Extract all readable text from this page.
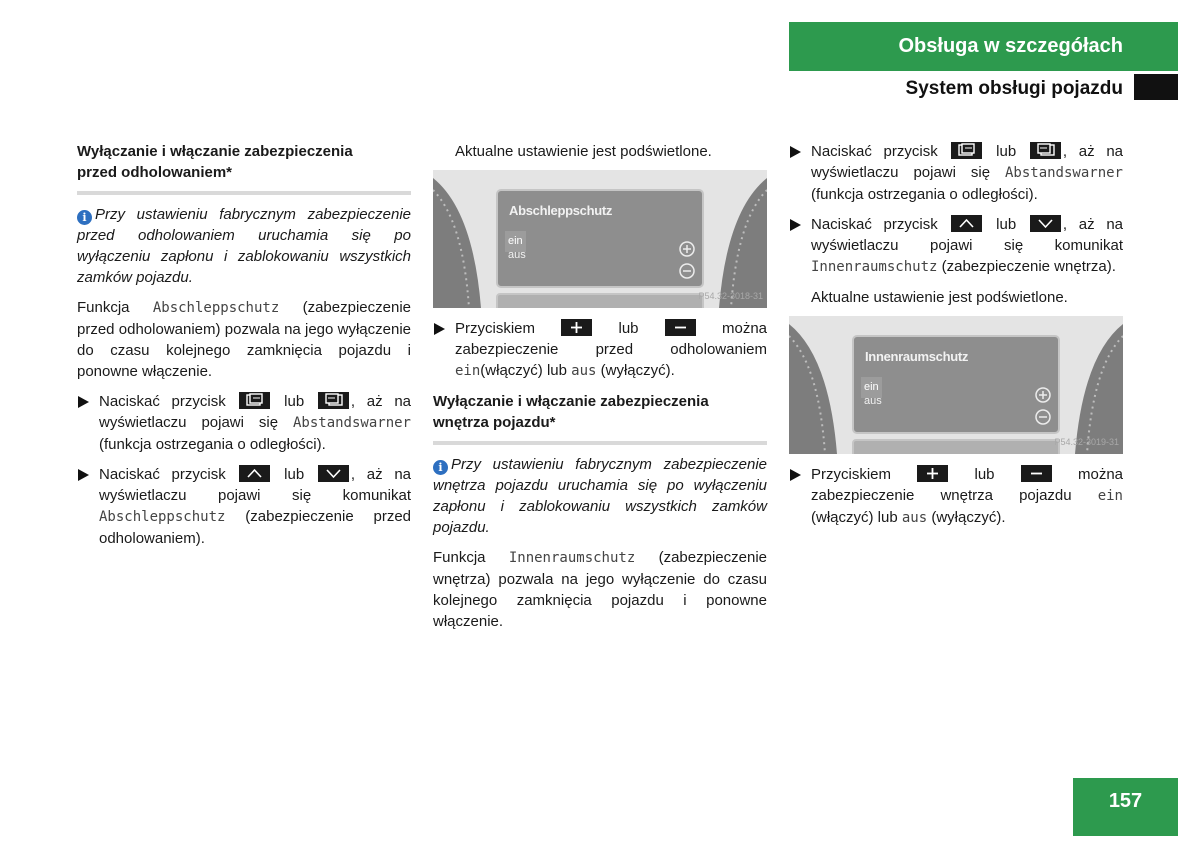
Obsługa w szczegółach
System obsługi pojazdu
Wyłączanie i włączanie zabezpieczenia
przed odholowaniem*

i Przy ustawieniu fabrycznym zabezpieczenie przed odholowaniem uruchamia się po wyłączeniu zapłonu i zablokowaniu wszystkich zamków pojazdu.

Funkcja Abschleppschutz (zabezpieczenie przed odholowaniem) pozwala na jego wyłączenie do czasu kolejnego zamknięcia pojazdu i ponowne włączenie.

Naciskać przycisk	lub	, aż na wyświetlaczu pojawi się Abstandswarner (funkcja ostrzegania o odległości).
Naciskać przycisk	lub	, aż na wyświetlaczu pojawi się komunikat Abschleppschutz (zabezpieczenie przed odholowaniem).

Aktualne ustawienie jest podświetlone.

Abschleppschutz
ein
aus
P54.32-3018-31
Przyciskiem	lub	można zabezpieczenie przed odholowaniem ein(włączyć) lub aus (wyłączyć).
Wyłączanie i włączanie zabezpieczenia
wnętrza pojazdu*

i Przy ustawieniu fabrycznym zabezpieczenie wnętrza pojazdu uruchamia się po wyłączeniu zapłonu i zablokowaniu wszystkich zamków pojazdu.

Funkcja Innenraumschutz (zabezpieczenie wnętrza) pozwala na jego wyłączenie do czasu kolejnego zamknięcia pojazdu i ponowne włączenie.

Naciskać przycisk	lub	, aż na wyświetlaczu pojawi się Abstandswarner (funkcja ostrzegania o odległości).
Naciskać przycisk	lub	, aż na wyświetlaczu pojawi się komunikat Innenraumschutz (zabezpieczenie wnętrza).

Aktualne ustawienie jest podświetlone.

Innenraumschutz
ein
aus
P54.32-3019-31
Przyciskiem	lub	można zabezpieczenie wnętrza pojazdu ein (włączyć) lub aus (wyłączyć).
157
